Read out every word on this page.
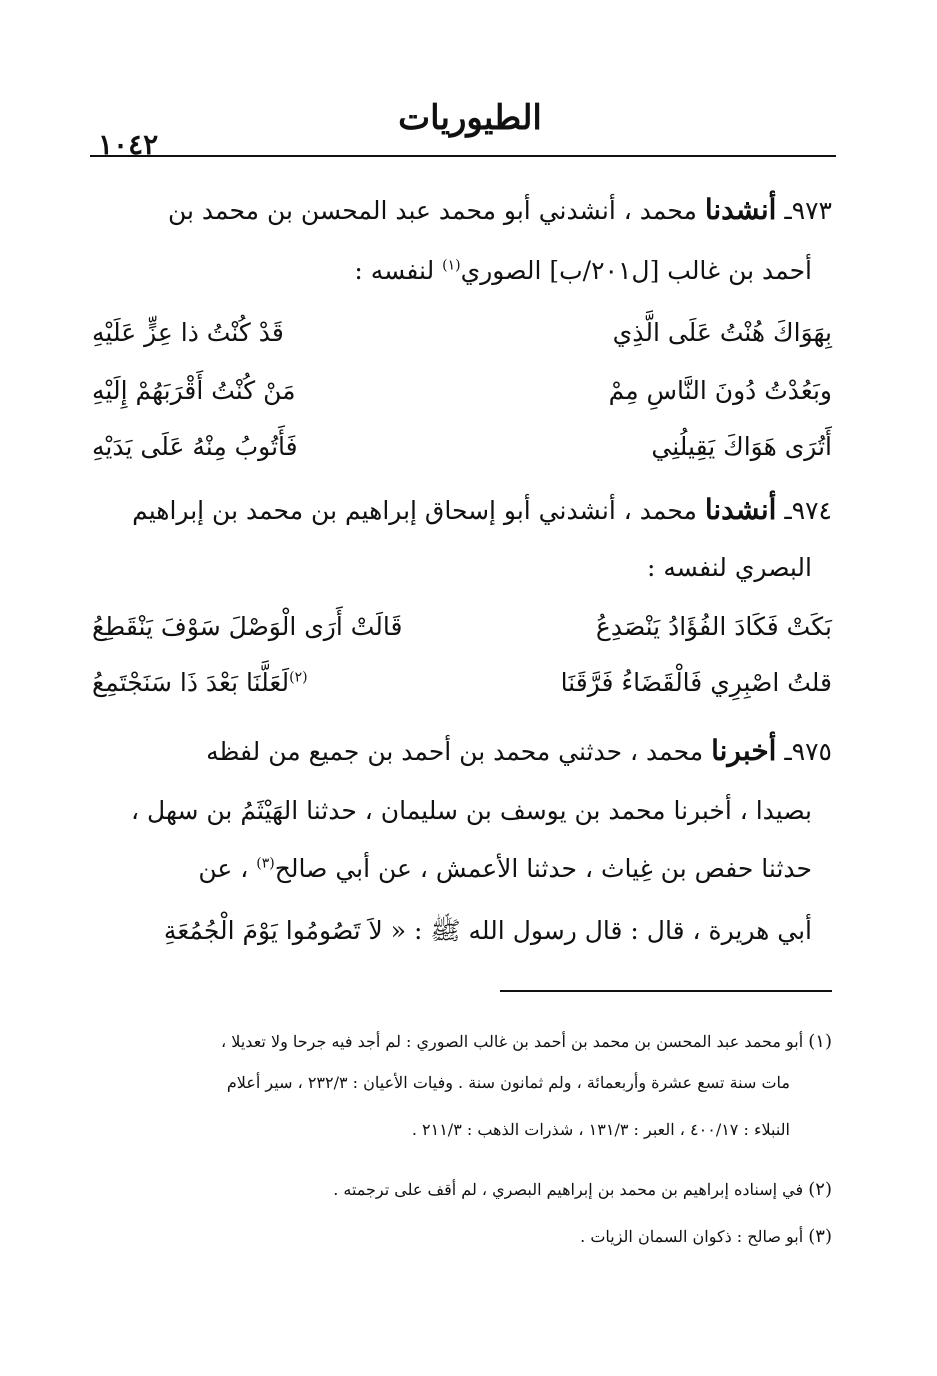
١٠٤٢
الطيوريات
٩٧٣ـ أنشدنا محمد ، أنشدني أبو محمد عبد المحسن بن محمد بن
أحمد بن غالب [ل٢٠١/ب] الصوري$^{(١)}$ لنفسه :
بِهَوَاكَ هُنْتُ عَلَى الَّذِي
قَدْ كُنْتُ ذا عِزٍّ عَلَيْهِ
وبَعُدْتُ دُونَ النَّاسِ مِمْ
مَنْ كُنْتُ أَقْرَبَهُمْ إِلَيْهِ
أَتُرَى هَوَاكَ يَقِيلُنِي
فَأَتُوبُ مِنْهُ عَلَى يَدَيْهِ
٩٧٤ـ أنشدنا محمد ، أنشدني أبو إسحاق إبراهيم بن محمد بن إبراهيم
البصري لنفسه :
بَكَتْ فَكَادَ الفُؤَادُ يَنْصَدِعُ
قَالَتْ أَرَى الْوَصْلَ سَوْفَ يَنْقَطِعُ
قلتُ اصْبِرِي فَالْقَضَاءُ فَرَّقَنَا
$^{(٢)}$لَعَلَّنَا بَعْدَ ذَا سَنَجْتَمِعُ
٩٧٥ـ أخبرنا محمد ، حدثني محمد بن أحمد بن جميع من لفظه
بصيدا ، أخبرنا محمد بن يوسف بن سليمان ، حدثنا الهَيْثَمُ بن سهل ،
حدثنا حفص بن غِياث ، حدثنا الأعمش ، عن أبي صالح$^{(٣)}$ ، عن
أبي هريرة ، قال : قال رسول الله ﷺ : « لاَ تَصُومُوا يَوْمَ الْجُمُعَةِ
(١) أبو محمد عبد المحسن بن محمد بن أحمد بن غالب الصوري : لم أجد فيه جرحا ولا تعديلا ،
مات سنة تسع عشرة وأربعمائة ، ولم ثمانون سنة . وفيات الأعيان : ٢٣٢/٣ ، سير أعلام
النبلاء : ٤٠٠/١٧ ، العبر : ١٣١/٣ ، شذرات الذهب : ٢١١/٣ .
(٢) في إسناده إبراهيم بن محمد بن إبراهيم البصري ، لم أقف على ترجمته .
(٣) أبو صالح : ذكوان السمان الزيات .
